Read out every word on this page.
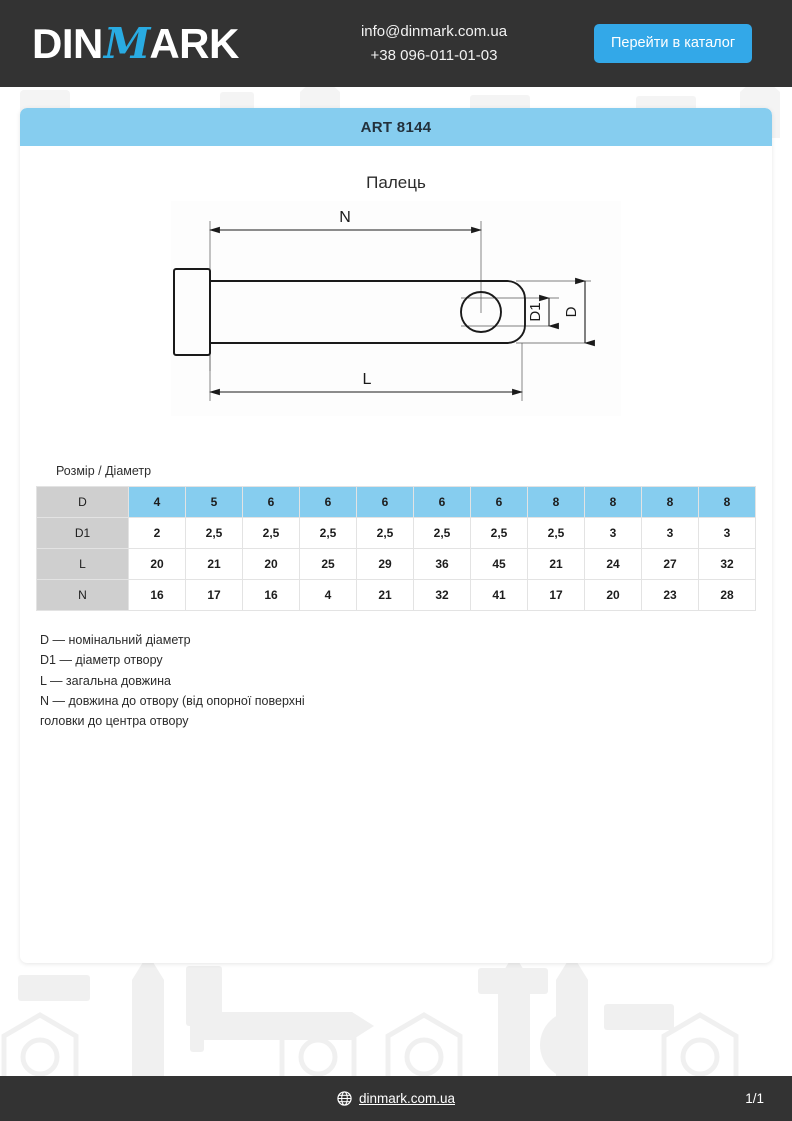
DINMARK	info@dinmark.com.ua
+38 096-011-01-03
Перейти в каталог
ART 8144
Палець
N
L
D1 D
Розмір / Діаметр
D	4	5	6	6	6	6	6	8	8	8	8
D1	2	2,5	2,5	2,5	2,5	2,5	2,5	2,5	3	3	3
L	20	21	20	25	29	36	45	21	24	27	32
N	16	17	16	4	21	32	41	17	20	23	28
D — номінальний діаметр
D1 — діаметр отвору
L — загальна довжина
N — довжина до отвору (від опорної поверхні
головки до центра отвору
dinmark.com.ua	1/1
